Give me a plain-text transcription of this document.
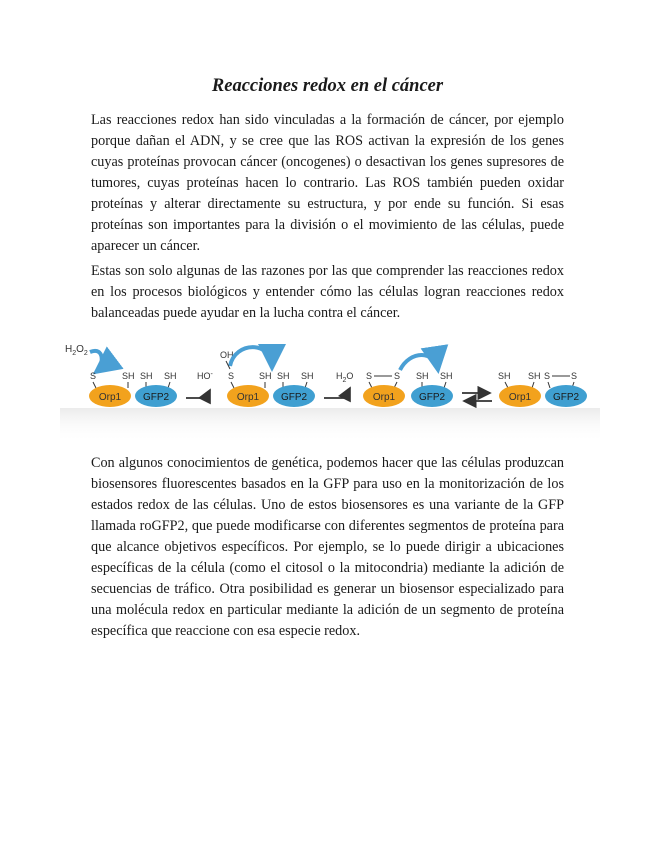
Reacciones redox en el cáncer

Las reacciones redox han sido vinculadas a la formación de cáncer, por ejemplo porque dañan el ADN, y se cree que las ROS activan la expresión de los genes cuyas proteínas provocan cáncer (oncogenes) o desactivan los genes supresores de tumores, cuyas proteínas hacen lo contrario. Las ROS también pueden oxidar proteínas y alterar directamente su estructura, y por ende su función. Si esas proteínas son importantes para la división o el movimiento de las células, puede aparecer un cáncer.

Estas son solo algunas de las razones por las que comprender las reacciones redox en los procesos biológicos y entender cómo las células logran reacciones redox balanceadas puede ayudar en la lucha contra el cáncer.

$H_2O_2$
S	SH SH SH
Orp1 GFP2
OH
HO- S	SH SH SH
Orp1 GFP2
$H_2O$ S S SH SH
Orp1 GFP2
SH SH S S
Orp1 GFP2

Con algunos conocimientos de genética, podemos hacer que las células produzcan biosensores fluorescentes basados en la GFP para uso en la monitorización de los estados redox de las células. Uno de estos biosensores es una variante de la GFP llamada roGFP2, que puede modificarse con diferentes segmentos de proteína para que alcance objetivos específicos. Por ejemplo, se lo puede dirigir a ubicaciones específicas de la célula (como el citosol o la mitocondria) mediante la adición de secuencias de tráfico. Otra posibilidad es generar un biosensor especializado para una molécula redox en particular mediante la adición de un segmento de proteína específica que reaccione con esa especie redox.
